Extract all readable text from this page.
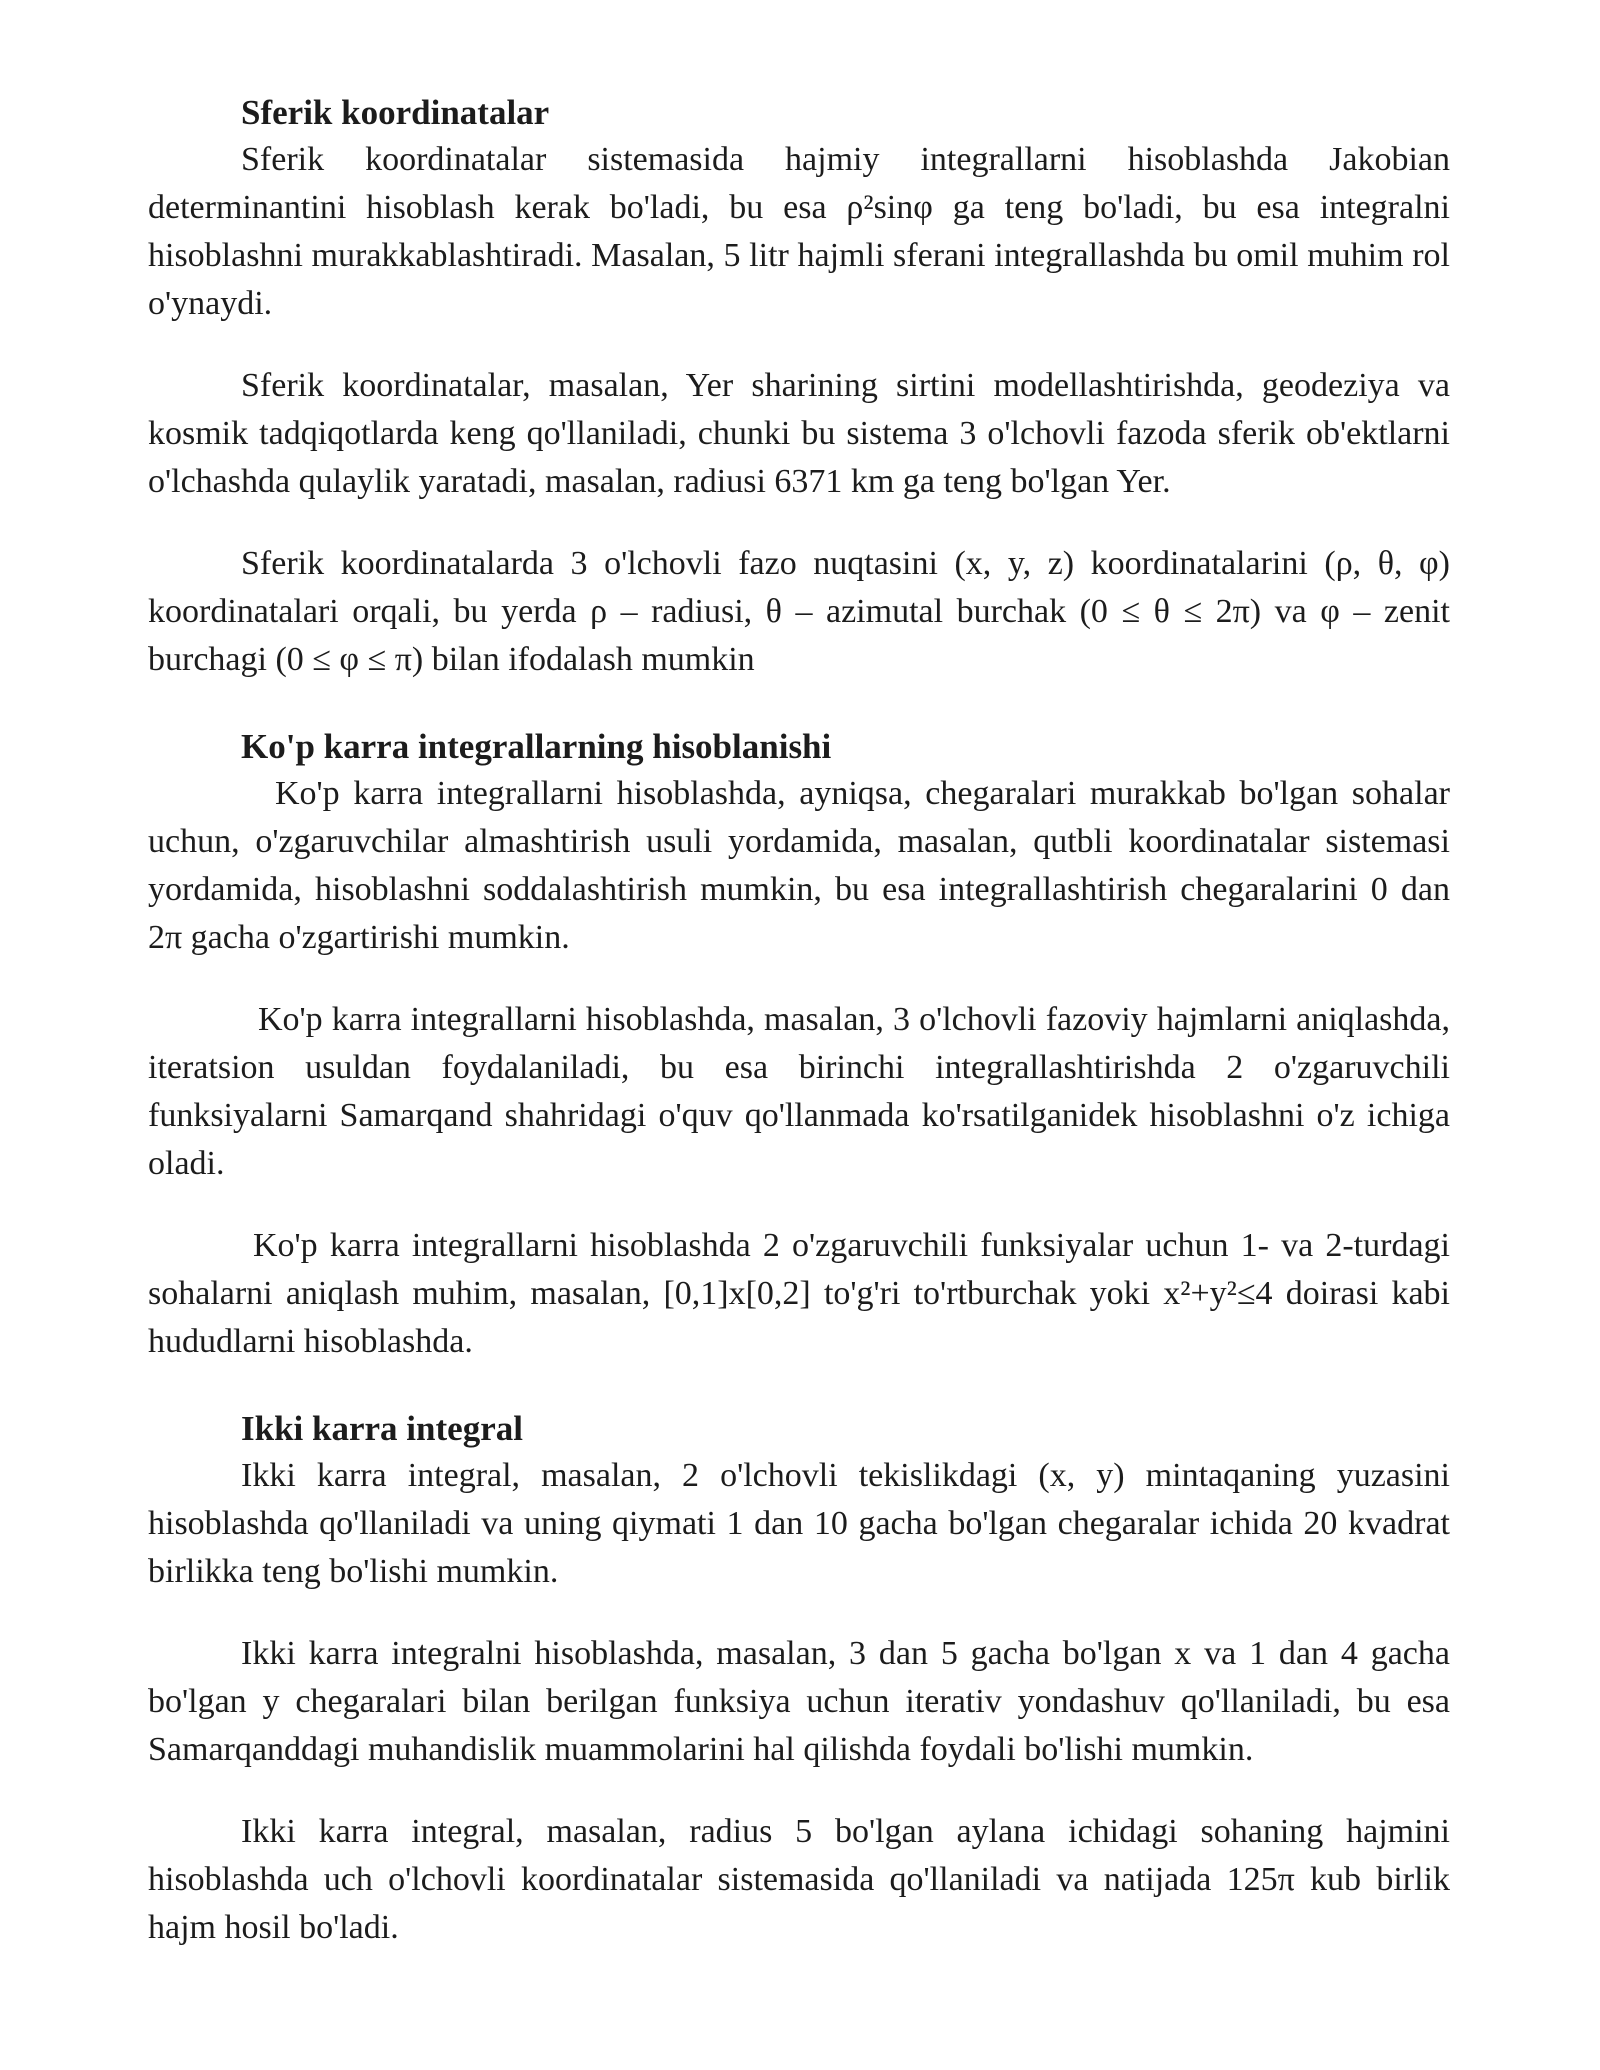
Sferik koordinatalar

Sferik koordinatalar sistemasida hajmiy integrallarni hisoblashda Jakobian determinantini hisoblash kerak bo'ladi, bu esa ρ²sinφ ga teng bo'ladi, bu esa integralni hisoblashni murakkablashtiradi. Masalan, 5 litr hajmli sferani integrallashda bu omil muhim rol o'ynaydi.

Sferik koordinatalar, masalan, Yer sharining sirtini modellashtirishda, geodeziya va kosmik tadqiqotlarda keng qo'llaniladi, chunki bu sistema 3 o'lchovli fazoda sferik ob'ektlarni o'lchashda qulaylik yaratadi, masalan, radiusi 6371 km ga teng bo'lgan Yer.

Sferik koordinatalarda 3 o'lchovli fazo nuqtasini (x, y, z) koordinatalarini (ρ, θ, φ) koordinatalari orqali, bu yerda ρ – radiusi, θ – azimutal burchak (0 ≤ θ ≤ 2π) va φ – zenit burchagi (0 ≤ φ ≤ π) bilan ifodalash mumkin

Ko'p karra integrallarning hisoblanishi

Ko'p karra integrallarni hisoblashda, ayniqsa, chegaralari murakkab bo'lgan sohalar uchun, o'zgaruvchilar almashtirish usuli yordamida, masalan, qutbli koordinatalar sistemasi yordamida, hisoblashni soddalashtirish mumkin, bu esa integrallashtirish chegaralarini 0 dan 2π gacha o'zgartirishi mumkin.

Ko'p karra integrallarni hisoblashda, masalan, 3 o'lchovli fazoviy hajmlarni aniqlashda, iteratsion usuldan foydalaniladi, bu esa birinchi integrallashtirishda 2 o'zgaruvchili funksiyalarni Samarqand shahridagi o'quv qo'llanmada ko'rsatilganidek hisoblashni o'z ichiga oladi.

Ko'p karra integrallarni hisoblashda 2 o'zgaruvchili funksiyalar uchun 1- va 2-turdagi sohalarni aniqlash muhim, masalan, [0,1]x[0,2] to'g'ri to'rtburchak yoki x²+y²≤4 doirasi kabi hududlarni hisoblashda.

Ikki karra integral

Ikki karra integral, masalan, 2 o'lchovli tekislikdagi (x, y) mintaqaning yuzasini hisoblashda qo'llaniladi va uning qiymati 1 dan 10 gacha bo'lgan chegaralar ichida 20 kvadrat birlikka teng bo'lishi mumkin.

Ikki karra integralni hisoblashda, masalan, 3 dan 5 gacha bo'lgan x va 1 dan 4 gacha bo'lgan y chegaralari bilan berilgan funksiya uchun iterativ yondashuv qo'llaniladi, bu esa Samarqanddagi muhandislik muammolarini hal qilishda foydali bo'lishi mumkin.

Ikki karra integral, masalan, radius 5 bo'lgan aylana ichidagi sohaning hajmini hisoblashda uch o'lchovli koordinatalar sistemasida qo'llaniladi va natijada 125π kub birlik hajm hosil bo'ladi.
